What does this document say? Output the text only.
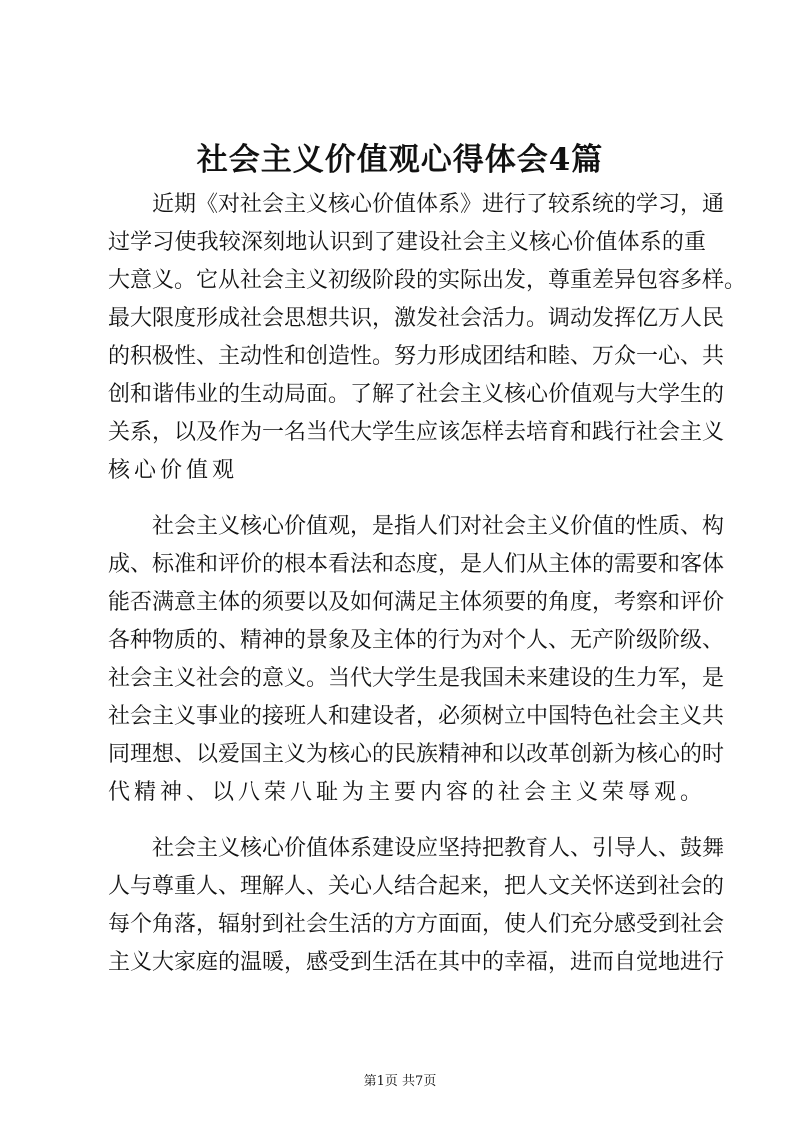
社会主义价值观心得体会4篇
近期《对社会主义核心价值体系》进行了较系统的学习，通
过学习使我较深刻地认识到了建设社会主义核心价值体系的重
大意义。它从社会主义初级阶段的实际出发，尊重差异包容多样。
最大限度形成社会思想共识，激发社会活力。调动发挥亿万人民
的积极性、主动性和创造性。努力形成团结和睦、万众一心、共
创和谐伟业的生动局面。了解了社会主义核心价值观与大学生的
关系，以及作为一名当代大学生应该怎样去培育和践行社会主义
核心价值观
社会主义核心价值观，是指人们对社会主义价值的性质、构
成、标准和评价的根本看法和态度，是人们从主体的需要和客体
能否满意主体的须要以及如何满足主体须要的角度，考察和评价
各种物质的、精神的景象及主体的行为对个人、无产阶级阶级、
社会主义社会的意义。当代大学生是我国未来建设的生力军，是
社会主义事业的接班人和建设者，必须树立中国特色社会主义共
同理想、以爱国主义为核心的民族精神和以改革创新为核心的时
代精神、以八荣八耻为主要内容的社会主义荣辱观。
社会主义核心价值体系建设应坚持把教育人、引导人、鼓舞
人与尊重人、理解人、关心人结合起来，把人文关怀送到社会的
每个角落，辐射到社会生活的方方面面，使人们充分感受到社会
主义大家庭的温暖，感受到生活在其中的幸福，进而自觉地进行
第1页 共7页
